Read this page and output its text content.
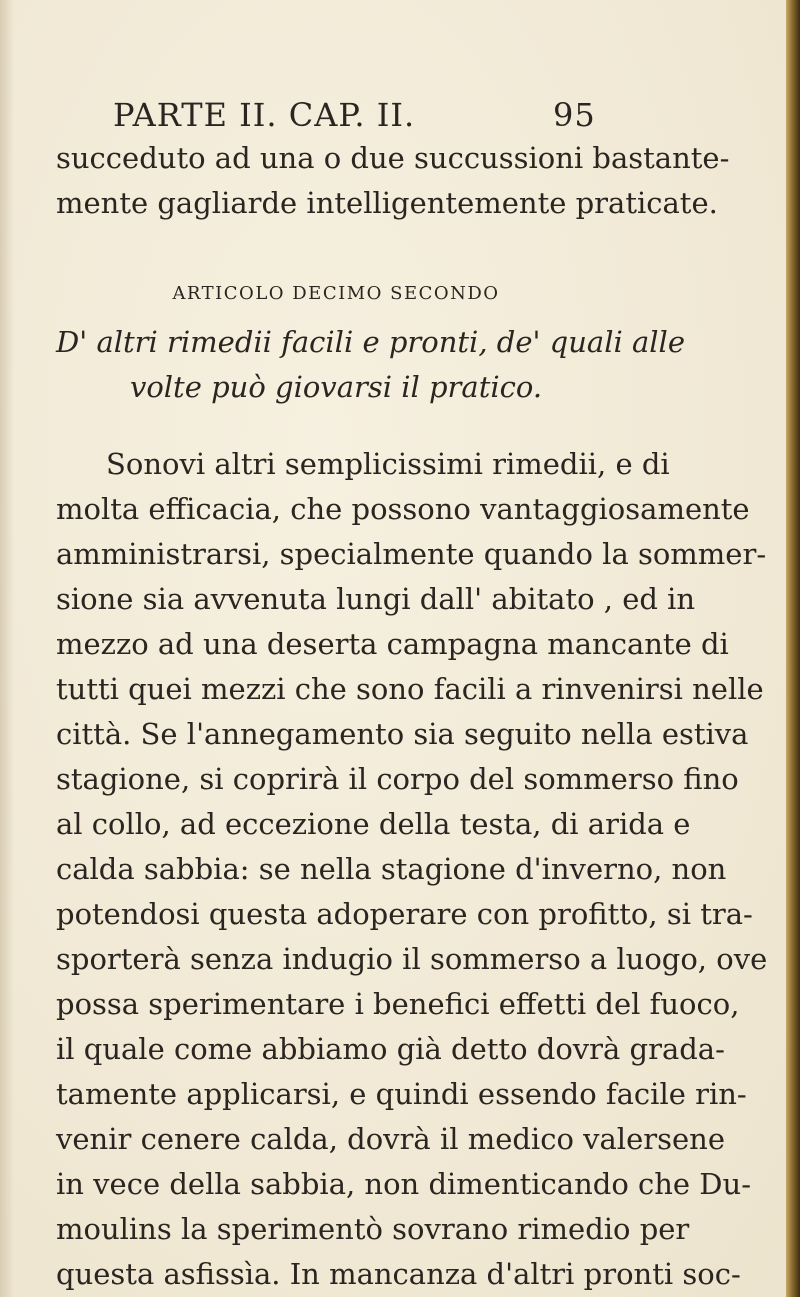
PARTE II. CAP. II.	95
succeduto ad una o due succussioni bastante-
mente gagliarde intelligentemente praticate.
ARTICOLO DECIMO SECONDO
D' altri rimedii facili e pronti, de' quali alle
volte può giovarsi il pratico.
Sonovi altri semplicissimi rimedii, e di
molta efficacia, che possono vantaggiosamente
amministrarsi, specialmente quando la sommer-
sione sia avvenuta lungi dall' abitato , ed in
mezzo ad una deserta campagna mancante di
tutti quei mezzi che sono facili a rinvenirsi nelle
città. Se l'annegamento sia seguito nella estiva
stagione, si coprirà il corpo del sommerso fino
al collo, ad eccezione della testa, di arida e
calda sabbia: se nella stagione d'inverno, non
potendosi questa adoperare con profitto, si tra-
sporterà senza indugio il sommerso a luogo, ove
possa sperimentare i benefici effetti del fuoco,
il quale come abbiamo già detto dovrà grada-
tamente applicarsi, e quindi essendo facile rin-
venir cenere calda, dovrà il medico valersene
in vece della sabbia, non dimenticando che Du-
moulins la sperimentò sovrano rimedio per
questa asfissìa. In mancanza d'altri pronti soc-
